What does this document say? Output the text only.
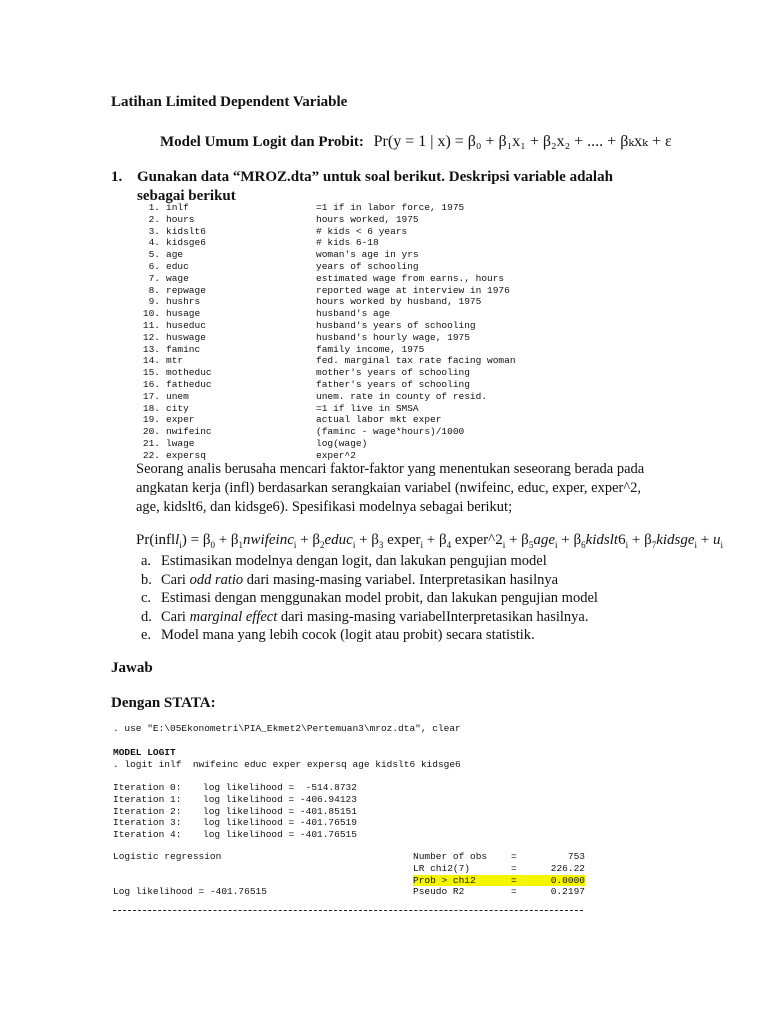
Latihan Limited Dependent Variable
Model Umum Logit dan Probit: Pr(y = 1 | x) = β₀ + β₁x₁ + β₂x₂ + .... + βₖxₖ + ε
1. Gunakan data “MROZ.dta” untuk soal berikut. Deskripsi variable adalah sebagai berikut
1. inlf	=1 if in labor force, 1975
2. hours	hours worked, 1975
3. kidslt6	# kids < 6 years
4. kidsge6	# kids 6-18
5. age	woman's age in yrs
6. educ	years of schooling
7. wage	estimated wage from earns., hours
8. repwage	reported wage at interview in 1976
9. hushrs	hours worked by husband, 1975
10. husage	husband's age
11. huseduc	husband's years of schooling
12. huswage	husband's hourly wage, 1975
13. faminc	family income, 1975
14. mtr	fed. marginal tax rate facing woman
15. motheduc	mother's years of schooling
16. fatheduc	father's years of schooling
17. unem	unem. rate in county of resid.
18. city	=1 if live in SMSA
19. exper	actual labor mkt exper
20. nwifeinc	(faminc - wage*hours)/1000
21. lwage	log(wage)
22. expersq	exper^2
Seorang analis berusaha mencari faktor-faktor yang menentukan seseorang berada pada angkatan kerja (infl) berdasarkan serangkaian variabel (nwifeinc, educ, exper, exper^2, age, kidslt6, dan kidsge6). Spesifikasi modelnya sebagai berikut;
Pr(infll$_i$) = $\beta_0$ + $\beta_1nwifeinc_i$ + $\beta_2educ_i + \beta_3$ exper$_i$ + $\beta_4$ $exper\^{}2_i + \beta_5age_i$ + $\beta_6kidslt6_i$ + $\beta_7kidsge_i + u_i$
a. Estimasikan modelnya dengan logit, dan lakukan pengujian model
b. Cari odd ratio dari masing-masing variabel. Interpretasikan hasilnya
c. Estimasi dengan menggunakan model probit, dan lakukan pengujian model
d. Cari marginal effect dari masing-masing variabelInterpretasikan hasilnya.
e. Model mana yang lebih cocok (logit atau probit) secara statistik.
Jawab
Dengan STATA:
. use "E:\05Ekonometri\PIA_Ekmet2\Pertemuan3\mroz.dta", clear
MODEL LOGIT
. logit inlf  nwifeinc educ exper expersq age kidslt6 kidsge6
Iteration 0: log likelihood =  -514.8732
Iteration 1: log likelihood = -406.94123
Iteration 2: log likelihood = -401.85151
Iteration 3: log likelihood = -401.76519
Iteration 4: log likelihood = -401.76515

Logistic regression

Log likelihood = -401.76515

Number of obs	=	753
LR chi2(7)	=	226.22
Prob > chi2	=	0.0000
Pseudo R2	=	0.2197
